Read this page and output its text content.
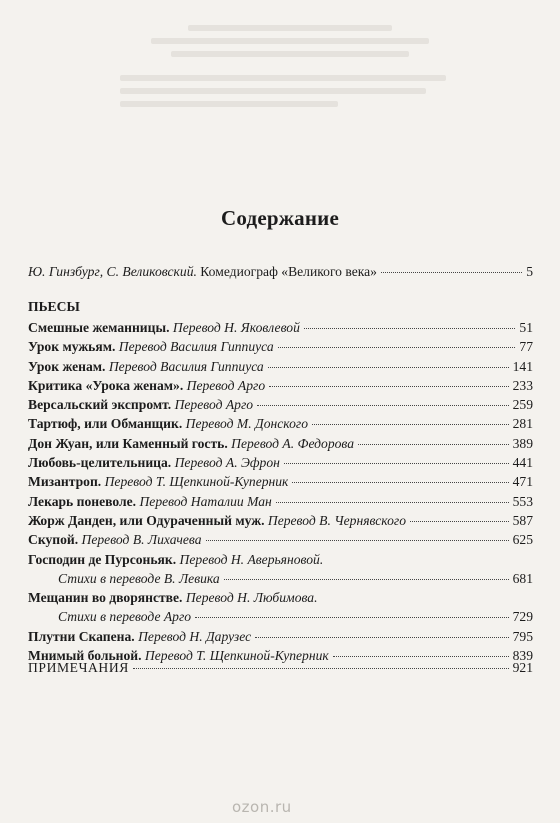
Содержание
Ю. Гинзбург, С. Великовский. Комедиограф «Великого века»	5
ПЬЕСЫ
Смешные жеманницы. Перевод Н. Яковлевой	51
Урок мужьям. Перевод Василия Гиппиуса	77
Урок женам. Перевод Василия Гиппиуса	141
Критика «Урока женам». Перевод Арго	233
Версальский экспромт. Перевод Арго	259
Тартюф, или Обманщик. Перевод М. Донского	281
Дон Жуан, или Каменный гость. Перевод А. Федорова	389
Любовь-целительница. Перевод А. Эфрон	441
Мизантроп. Перевод Т. Щепкиной-Куперник	471
Лекарь поневоле. Перевод Наталии Ман	553
Жорж Данден, или Одураченный муж. Перевод В. Чернявского	587
Скупой. Перевод В. Лихачева	625
Господин де Пурсоньяк. Перевод Н. Аверьяновой.
Стихи в переводе В. Левика	681
Мещанин во дворянстве. Перевод Н. Любимова.
Стихи в переводе Арго	729
Плутни Скапена. Перевод Н. Дарузес	795
Мнимый больной. Перевод Т. Щепкиной-Куперник	839
ПРИМЕЧАНИЯ	921
ozon.ru
